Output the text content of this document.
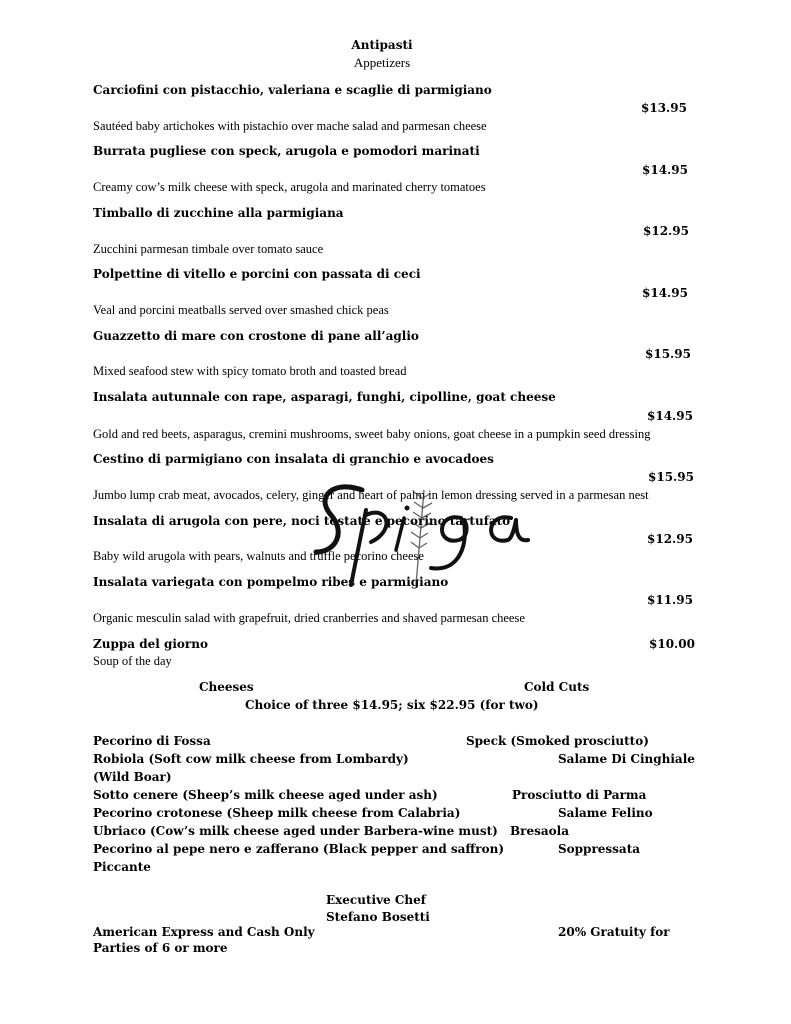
Antipasti
Appetizers
Carciofini con pistacchio, valeriana e scaglie di parmigiano
$13.95
Sautéed baby artichokes with pistachio over mache salad and parmesan cheese
Burrata pugliese con speck, arugola e pomodori marinati
$14.95
Creamy cow’s milk cheese with speck, arugola and marinated cherry tomatoes
Timballo di zucchine alla parmigiana
$12.95
Zucchini parmesan timbale over tomato sauce
Polpettine di vitello e porcini con passata di ceci
$14.95
Veal and porcini meatballs served over smashed chick peas
Guazzetto di mare con crostone di pane all’aglio
$15.95
Mixed seafood stew with spicy tomato broth and toasted bread
Insalata autunnale con rape, asparagi, funghi, cipolline, goat cheese
$14.95
Gold and red beets, asparagus, cremini mushrooms, sweet baby onions, goat cheese in a pumpkin seed dressing
Cestino di parmigiano con insalata di granchio e avocadoes
$15.95
Jumbo lump crab meat, avocados, celery, ginger and heart of palm in lemon dressing served in a parmesan nest
Insalata di arugola con pere, noci tostate e pecorino tartufato
$12.95
Baby wild arugola with pears, walnuts and truffle pecorino cheese
Insalata variegata con pompelmo ribes e parmigiano
$11.95
Organic mesculin salad with grapefruit, dried cranberries and shaved parmesan cheese
Zuppa del giorno	$10.00
Soup of the day
Cheeses	Cold Cuts
Choice of three $14.95; six $22.95 (for two)
Pecorino di Fossa	Speck (Smoked prosciutto)
Robiola (Soft cow milk cheese from Lombardy)	Salame Di Cinghiale
(Wild Boar)
Sotto cenere (Sheep’s milk cheese aged under ash)	Prosciutto di Parma
Pecorino crotonese (Sheep milk cheese from Calabria)	Salame Felino
Ubriaco (Cow’s milk cheese aged under Barbera-wine must) Bresaola
Pecorino al pepe nero e zafferano (Black pepper and saffron)	Soppressata
Piccante
Executive Chef
Stefano Bosetti
American Express and Cash Only	20% Gratuity for
Parties of 6 or more
